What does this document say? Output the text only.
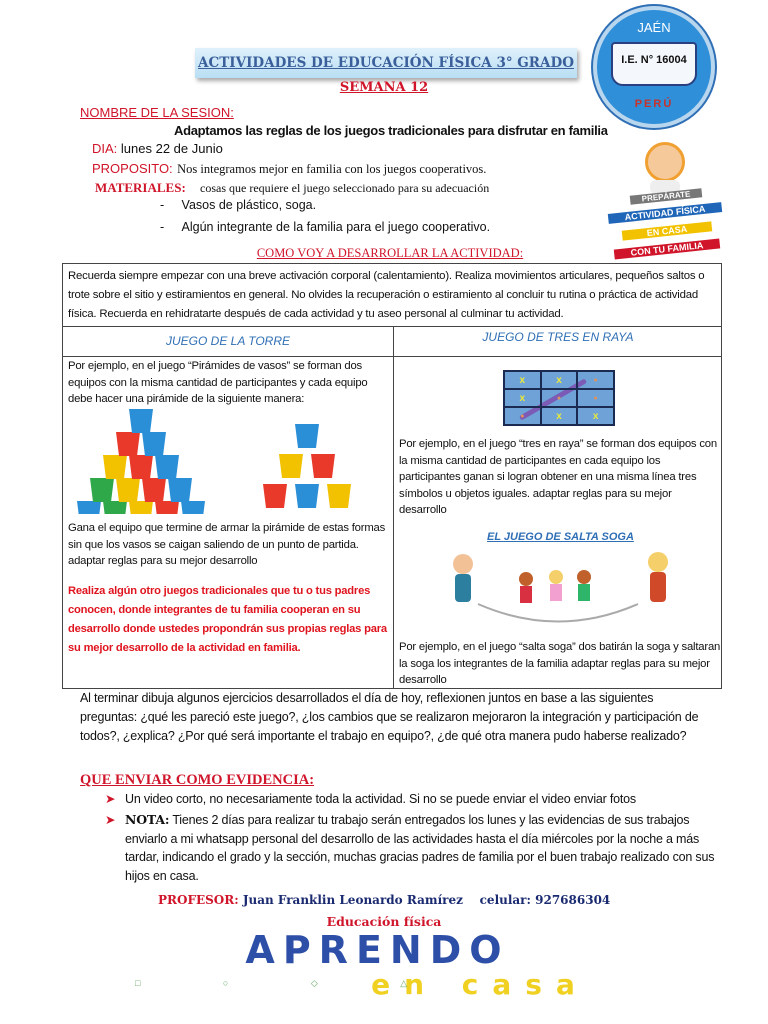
ACTIVIDADES DE EDUCACIÓN FÍSICA 3° GRADO
SEMANA 12
JAÉN
I.E. N° 16004
PERÚ
PREPÁRATE
ACTIVIDAD FÍSICA
EN CASA
CON TU FAMILIA
NOMBRE DE LA SESION:
Adaptamos las reglas de los juegos tradicionales para disfrutar en familia
DIA: lunes 22 de Junio
PROPOSITO: Nos integramos mejor en familia con los juegos cooperativos.
MATERIALES: cosas que requiere el juego seleccionado para su adecuación
-     Vasos de plástico, soga.
-     Algún integrante de la familia para el juego cooperativo.
COMO VOY A DESARROLLAR LA ACTIVIDAD:
Recuerda siempre empezar con una breve activación corporal (calentamiento). Realiza movimientos articulares, pequeños saltos o trote sobre el sitio y estiramientos en general. No olvides la recuperación o estiramiento al concluir tu rutina o práctica de actividad física. Recuerda en rehidratarte después de cada actividad y tu aseo personal al culminar tu actividad.
JUEGO DE LA TORRE	JUEGO DE TRES EN RAYA
Por ejemplo, en el juego “Pirámides de vasos” se forman dos equipos con la misma cantidad de participantes y cada equipo debe hacer una pirámide de la siguiente manera:
Gana el equipo que termine de armar la pirámide de estas formas sin que los vasos se caigan saliendo de un punto de partida. adaptar reglas para su mejor desarrollo
Realiza algún otro juegos tradicionales que tu o tus padres conocen, donde integrantes de tu familia cooperan en su desarrollo donde ustedes propondrán sus propias reglas para su mejor desarrollo de la actividad en familia.
x	x	●
x	●	●
●	x	x
Por ejemplo, en el juego “tres en raya” se forman dos equipos con la misma cantidad de participantes en cada equipo los participantes ganan si logran obtener en una misma línea tres símbolos u objetos iguales. adaptar reglas para su mejor desarrollo
EL JUEGO DE SALTA SOGA
Por ejemplo, en el juego “salta soga” dos batirán la soga y saltaran la soga los integrantes de la familia adaptar reglas para su mejor desarrollo
Al terminar dibuja algunos ejercicios desarrollados el día de hoy, reflexionen juntos en base a las siguientes preguntas: ¿qué les pareció este juego?, ¿los cambios que se realizaron mejoraron la integración y participación de todos?, ¿explica? ¿Por qué será importante el trabajo en equipo?, ¿de qué otra manera pudo haberse realizado?
QUE ENVIAR COMO EVIDENCIA:
➤ Un video corto, no necesariamente toda la actividad. Si no se puede enviar el video enviar fotos
➤ NOTA: Tienes 2 días para realizar tu trabajo serán entregados los lunes y las evidencias de sus trabajos enviarlo a mi whatsapp personal del desarrollo de las actividades hasta el día miércoles por la noche a más tardar, indicando el grado y la sección, muchas gracias padres de familia por el buen trabajo realizado con sus hijos en casa.
PROFESOR: Juan Franklin Leonardo Ramírez celular: 927686304
Educación física
APRENDO
en casa
□ ○ ◇ △
